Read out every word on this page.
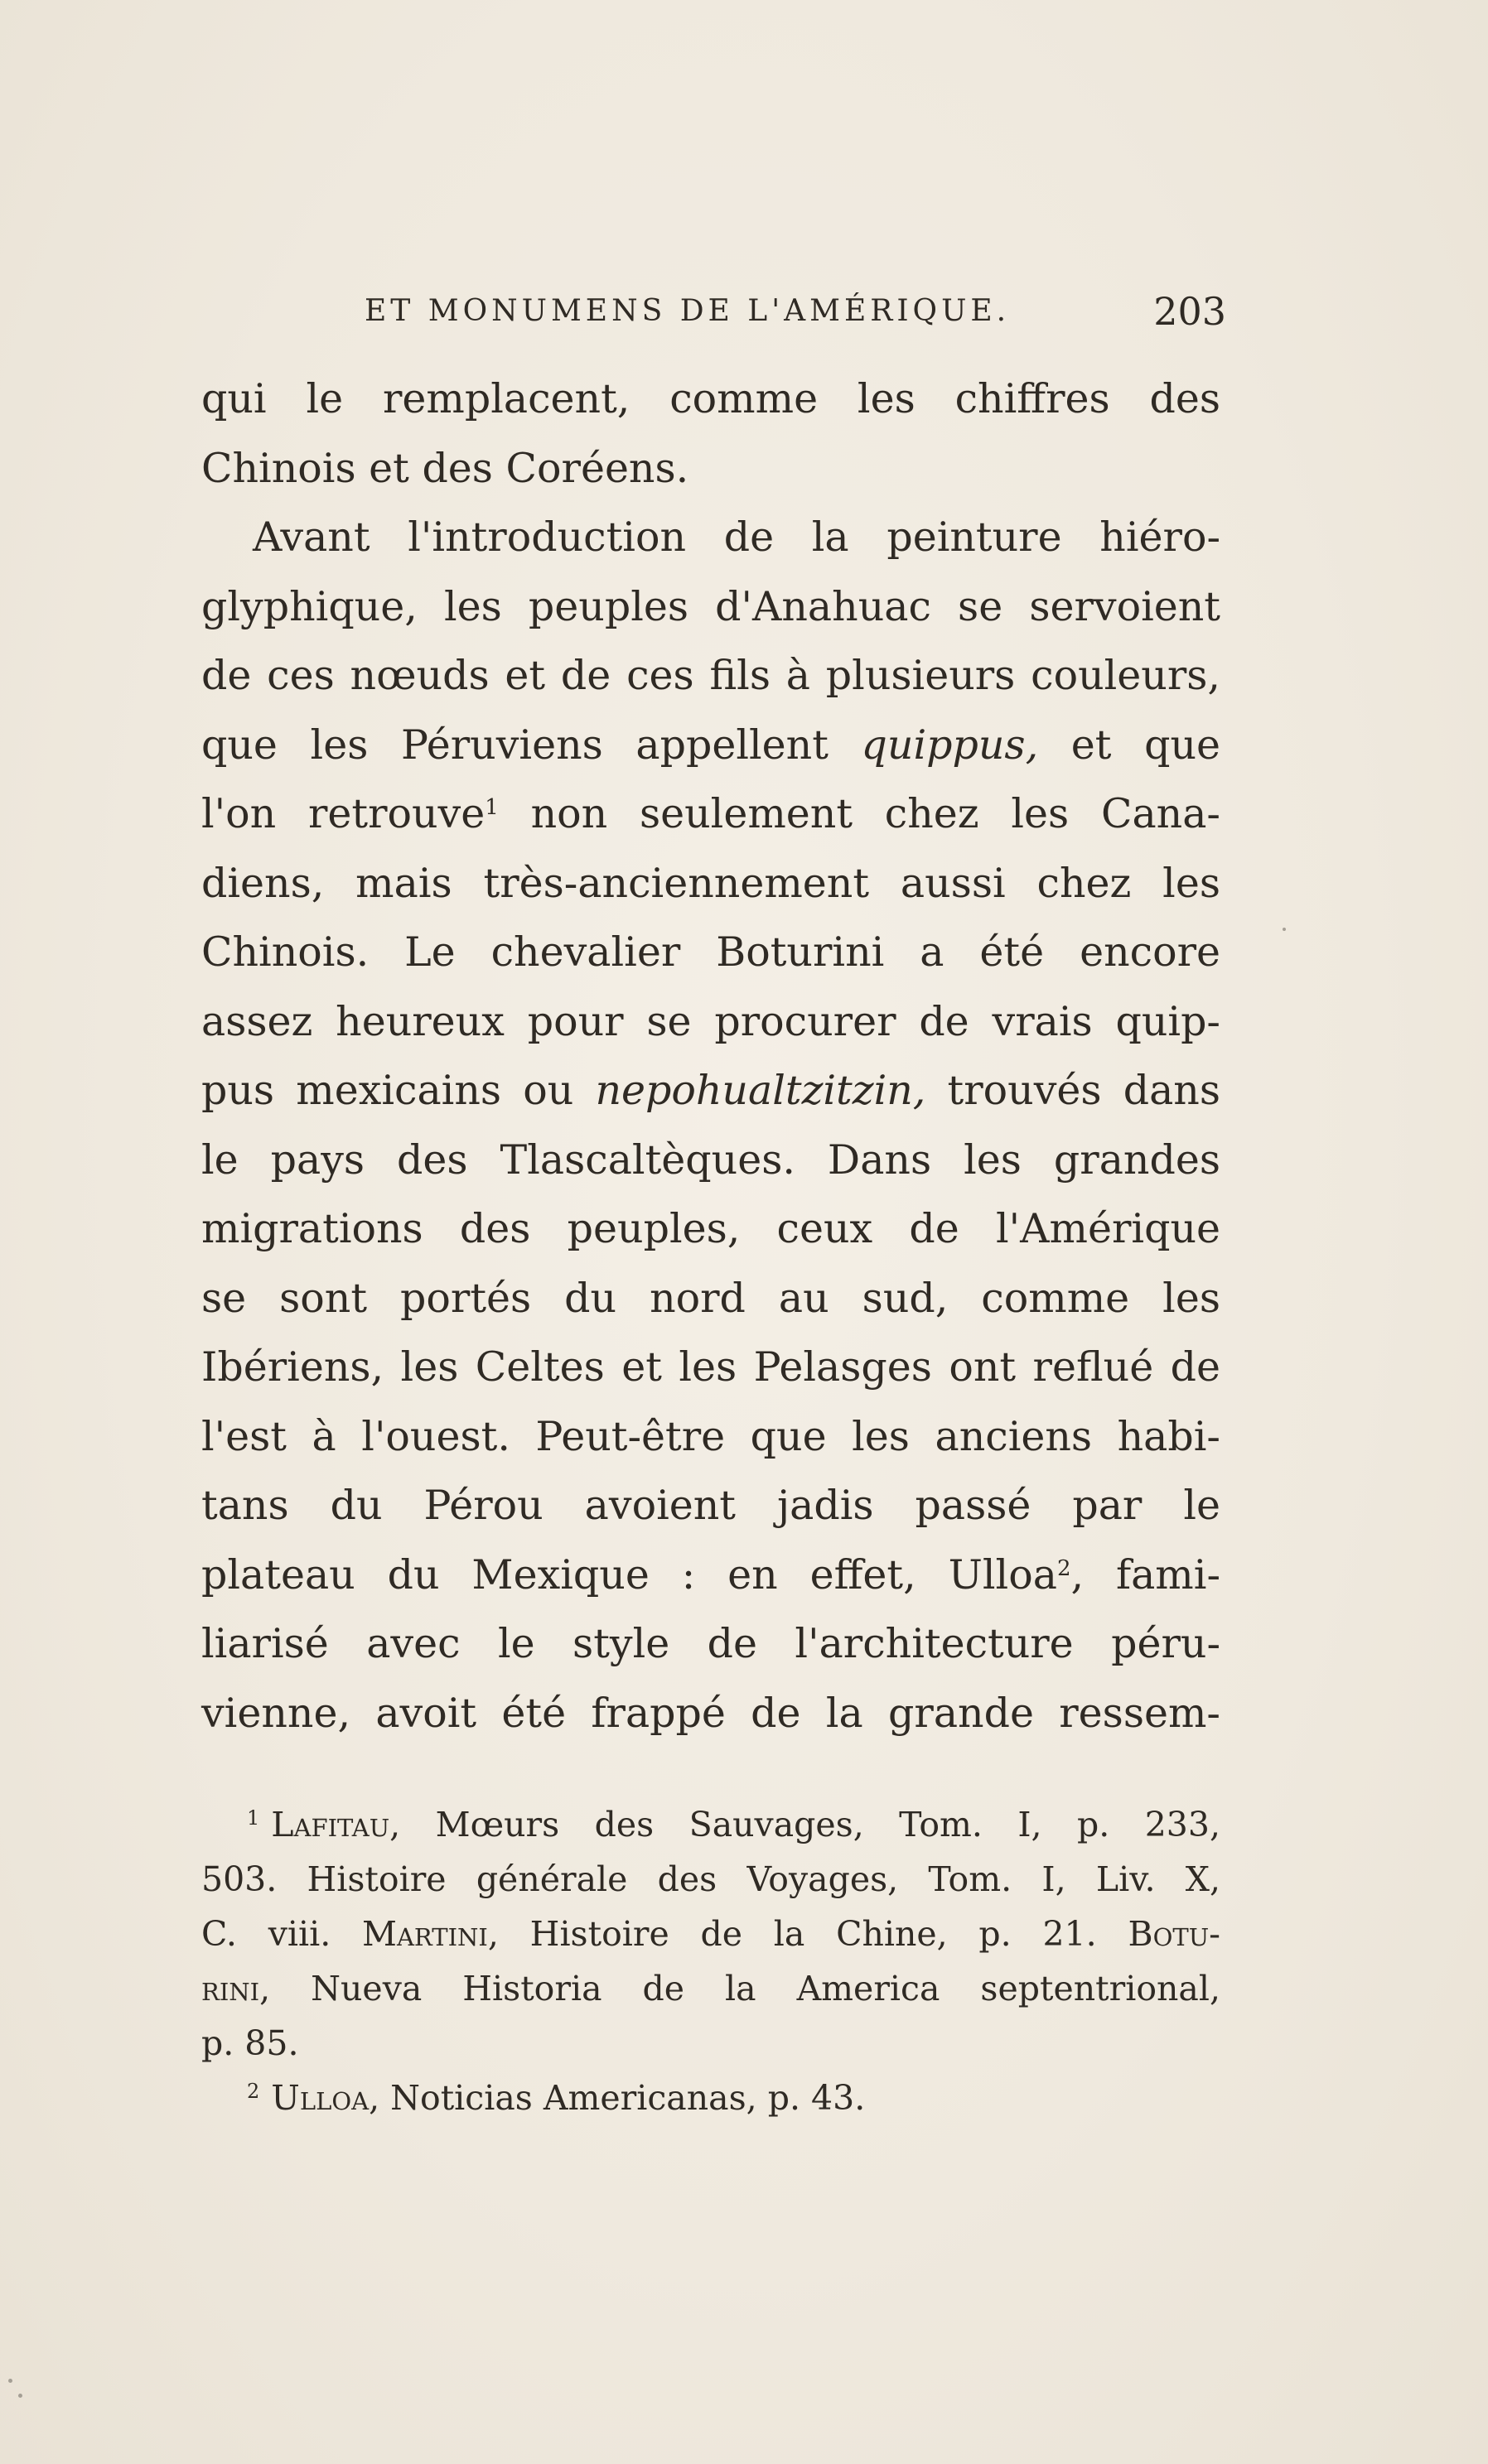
ET MONUMENS DE L'AMÉRIQUE.	203
qui le remplacent, comme les chiffres des
Chinois et des Coréens.
Avant l'introduction de la peinture hiéro-
glyphique, les peuples d'Anahuac se servoient
de ces nœuds et de ces fils à plusieurs couleurs,
que les Péruviens appellent quippus, et que
l'on retrouve$^1$ non seulement chez les Cana-
diens, mais très-anciennement aussi chez les
Chinois. Le chevalier Boturini a été encore
assez heureux pour se procurer de vrais quip-
pus mexicains ou nepohualtzitzin, trouvés dans
le pays des Tlascaltèques. Dans les grandes
migrations des peuples, ceux de l'Amérique
se sont portés du nord au sud, comme les
Ibériens, les Celtes et les Pelasges ont reflué de
l'est à l'ouest. Peut-être que les anciens habi-
tans du Pérou avoient jadis passé par le
plateau du Mexique : en effet, Ulloa$^2$, fami-
liarisé avec le style de l'architecture péru-
vienne, avoit été frappé de la grande ressem-
$^1$ Lafitau, Mœurs des Sauvages, Tom. I, p. 233,
503. Histoire générale des Voyages, Tom. I, Liv. X,
C. viii. Martini, Histoire de la Chine, p. 21. Botu-
rini, Nueva Historia de la America septentrional,
p. 85.
$^2$ Ulloa, Noticias Americanas, p. 43.
